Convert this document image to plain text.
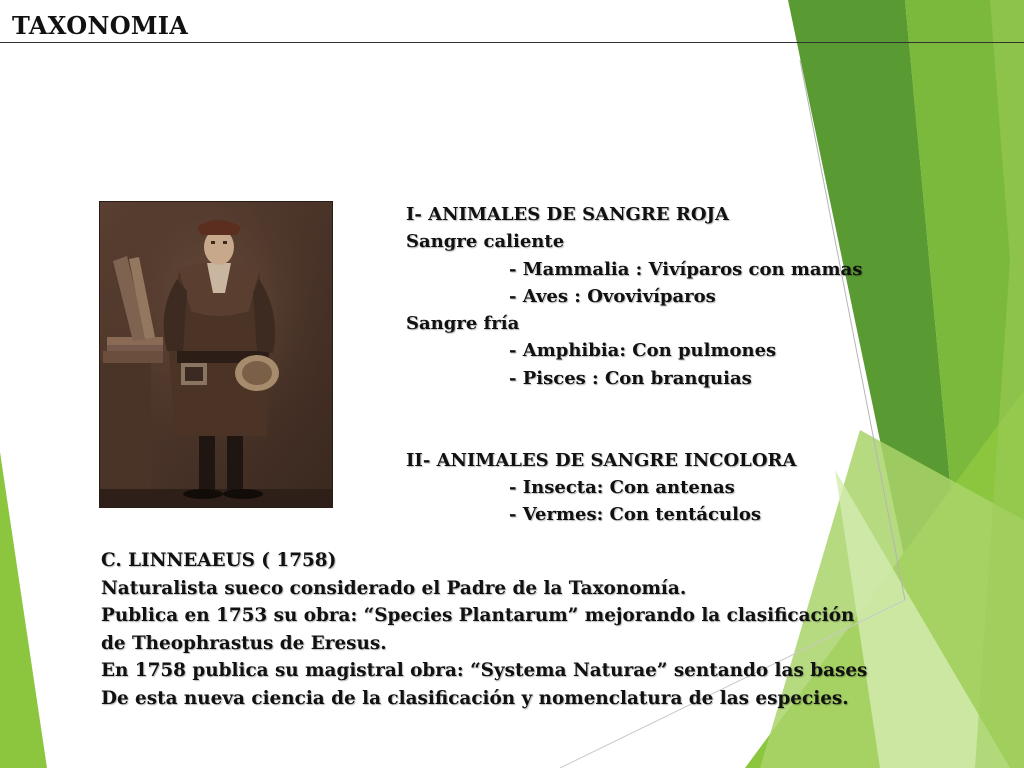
TAXONOMIA
I- ANIMALES DE SANGRE ROJA
Sangre caliente
- Mammalia : Vivíparos con mamas
- Aves : Ovovivíparos
Sangre fría
- Amphibia: Con pulmones
- Pisces : Con branquias

II- ANIMALES DE SANGRE INCOLORA
- Insecta: Con antenas
- Vermes: Con tentáculos
C. LINNEAEUS ( 1758)
Naturalista sueco considerado el Padre de la Taxonomía.
Publica en 1753 su obra: “Species Plantarum” mejorando la clasificación
de Theophrastus de Eresus.
En 1758 publica su magistral obra: “Systema Naturae” sentando las bases
De esta nueva ciencia de la clasificación y nomenclatura de las especies.
